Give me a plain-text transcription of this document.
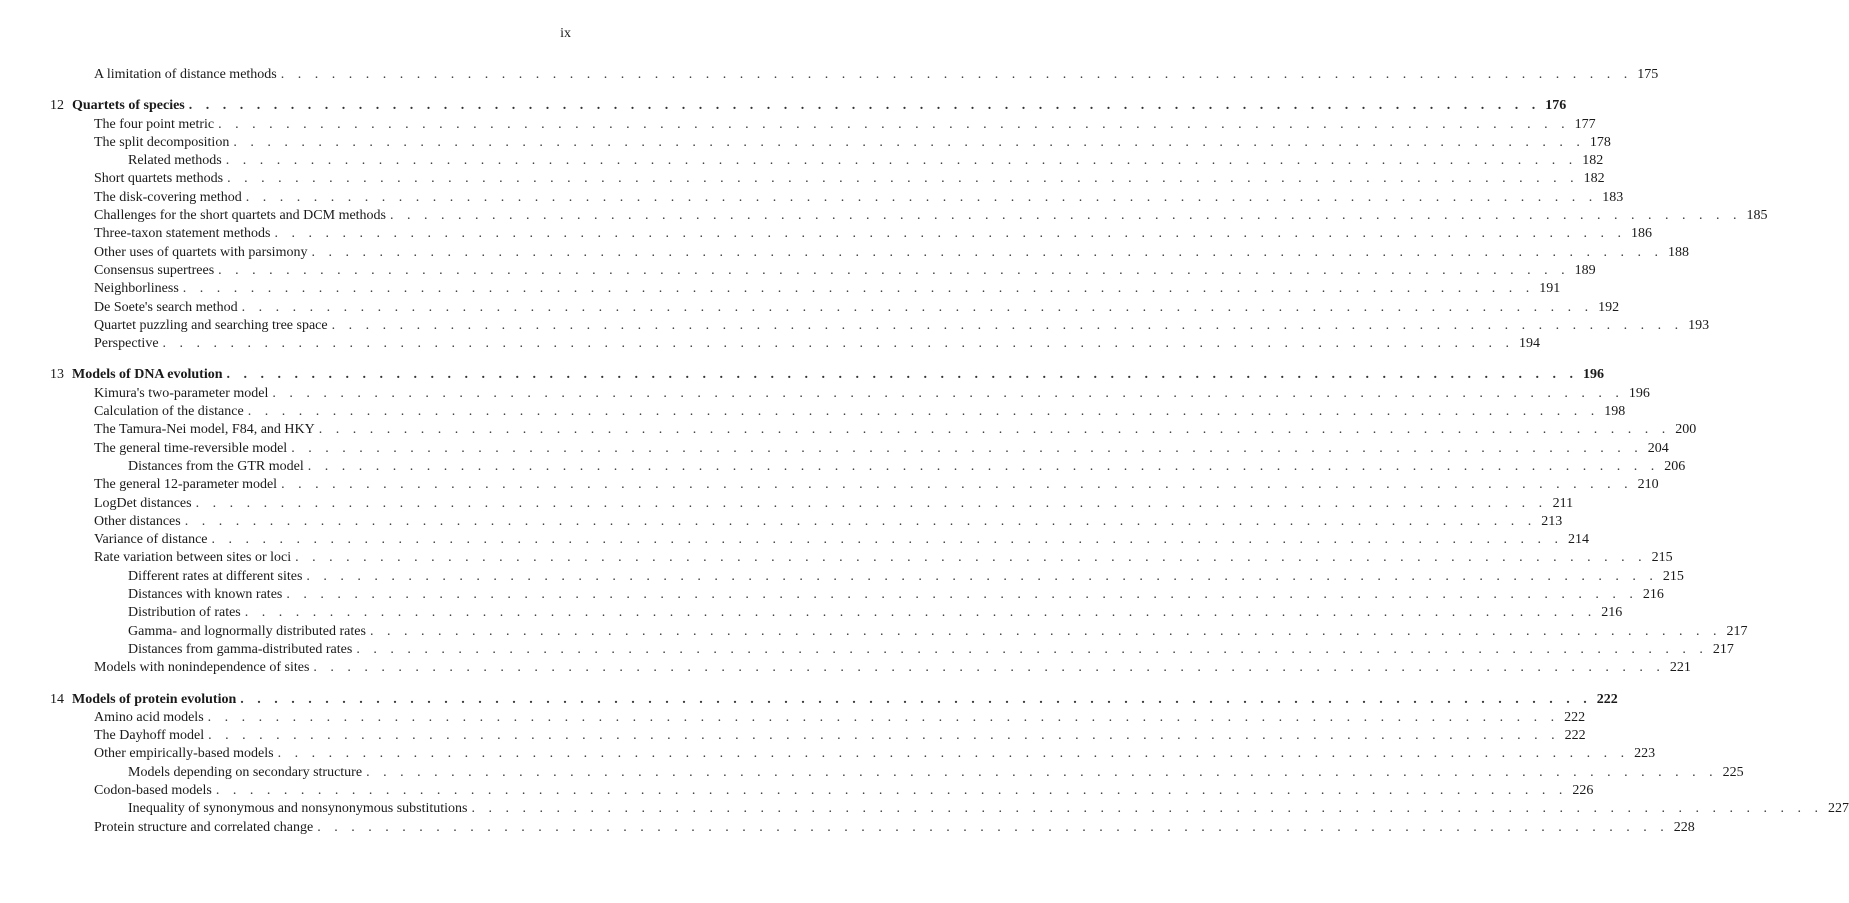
ix
A limitation of distance methods . . . . . . . . . . . . . . . . . . . . . . . . . . . . . . . . . . . . . . . . . . . . . . . . . . . . . . . . . . . . . . . . . . . . . . . . . . . . . . . . 175
12 Quartets of species . . . . . . . . . . . . . . . . . . . . . . . . . . . . . . . . . . . . . . . . . . . . . . . . . . . . . . . . . . . . . . . . . . . . . . . . . . . . . . . . 176
The four point metric . . . . . . . . . . . . . . . . . . . . . . . . . . . . . . . . . . . . . . . . . . . . . . . . . . . . . . . . . . . . . . . . . . . . . . . . . . . . . . . . 177
The split decomposition . . . . . . . . . . . . . . . . . . . . . . . . . . . . . . . . . . . . . . . . . . . . . . . . . . . . . . . . . . . . . . . . . . . . . . . . . . . . . . . . 178
Related methods . . . . . . . . . . . . . . . . . . . . . . . . . . . . . . . . . . . . . . . . . . . . . . . . . . . . . . . . . . . . . . . . . . . . . . . . . . . . . . . . 182
Short quartets methods . . . . . . . . . . . . . . . . . . . . . . . . . . . . . . . . . . . . . . . . . . . . . . . . . . . . . . . . . . . . . . . . . . . . . . . . . . . . . . . . 182
The disk-covering method . . . . . . . . . . . . . . . . . . . . . . . . . . . . . . . . . . . . . . . . . . . . . . . . . . . . . . . . . . . . . . . . . . . . . . . . . . . . . . . . 183
Challenges for the short quartets and DCM methods . . . . . . . . . . . . . . . . . . . . . . . . . . . . . . . . . . . . . . . . . . . . . . . . . . . . . . . . . . . . . . . . . . . . . . . . . . . . . . . . 185
Three-taxon statement methods . . . . . . . . . . . . . . . . . . . . . . . . . . . . . . . . . . . . . . . . . . . . . . . . . . . . . . . . . . . . . . . . . . . . . . . . . . . . . . . . 186
Other uses of quartets with parsimony . . . . . . . . . . . . . . . . . . . . . . . . . . . . . . . . . . . . . . . . . . . . . . . . . . . . . . . . . . . . . . . . . . . . . . . . . . . . . . . . 188
Consensus supertrees . . . . . . . . . . . . . . . . . . . . . . . . . . . . . . . . . . . . . . . . . . . . . . . . . . . . . . . . . . . . . . . . . . . . . . . . . . . . . . . . 189
Neighborliness . . . . . . . . . . . . . . . . . . . . . . . . . . . . . . . . . . . . . . . . . . . . . . . . . . . . . . . . . . . . . . . . . . . . . . . . . . . . . . . . 191
De Soete's search method . . . . . . . . . . . . . . . . . . . . . . . . . . . . . . . . . . . . . . . . . . . . . . . . . . . . . . . . . . . . . . . . . . . . . . . . . . . . . . . . 192
Quartet puzzling and searching tree space . . . . . . . . . . . . . . . . . . . . . . . . . . . . . . . . . . . . . . . . . . . . . . . . . . . . . . . . . . . . . . . . . . . . . . . . . . . . . . . . 193
Perspective . . . . . . . . . . . . . . . . . . . . . . . . . . . . . . . . . . . . . . . . . . . . . . . . . . . . . . . . . . . . . . . . . . . . . . . . . . . . . . . . 194
13 Models of DNA evolution . . . . . . . . . . . . . . . . . . . . . . . . . . . . . . . . . . . . . . . . . . . . . . . . . . . . . . . . . . . . . . . . . . . . . . . . . . . . . . . . 196
Kimura's two-parameter model . . . . . . . . . . . . . . . . . . . . . . . . . . . . . . . . . . . . . . . . . . . . . . . . . . . . . . . . . . . . . . . . . . . . . . . . . . . . . . . . 196
Calculation of the distance . . . . . . . . . . . . . . . . . . . . . . . . . . . . . . . . . . . . . . . . . . . . . . . . . . . . . . . . . . . . . . . . . . . . . . . . . . . . . . . . 198
The Tamura-Nei model, F84, and HKY . . . . . . . . . . . . . . . . . . . . . . . . . . . . . . . . . . . . . . . . . . . . . . . . . . . . . . . . . . . . . . . . . . . . . . . . . . . . . . . . 200
The general time-reversible model . . . . . . . . . . . . . . . . . . . . . . . . . . . . . . . . . . . . . . . . . . . . . . . . . . . . . . . . . . . . . . . . . . . . . . . . . . . . . . . . 204
Distances from the GTR model . . . . . . . . . . . . . . . . . . . . . . . . . . . . . . . . . . . . . . . . . . . . . . . . . . . . . . . . . . . . . . . . . . . . . . . . . . . . . . . . 206
The general 12-parameter model . . . . . . . . . . . . . . . . . . . . . . . . . . . . . . . . . . . . . . . . . . . . . . . . . . . . . . . . . . . . . . . . . . . . . . . . . . . . . . . . 210
LogDet distances . . . . . . . . . . . . . . . . . . . . . . . . . . . . . . . . . . . . . . . . . . . . . . . . . . . . . . . . . . . . . . . . . . . . . . . . . . . . . . . . 211
Other distances . . . . . . . . . . . . . . . . . . . . . . . . . . . . . . . . . . . . . . . . . . . . . . . . . . . . . . . . . . . . . . . . . . . . . . . . . . . . . . . . 213
Variance of distance . . . . . . . . . . . . . . . . . . . . . . . . . . . . . . . . . . . . . . . . . . . . . . . . . . . . . . . . . . . . . . . . . . . . . . . . . . . . . . . . 214
Rate variation between sites or loci . . . . . . . . . . . . . . . . . . . . . . . . . . . . . . . . . . . . . . . . . . . . . . . . . . . . . . . . . . . . . . . . . . . . . . . . . . . . . . . . 215
Different rates at different sites . . . . . . . . . . . . . . . . . . . . . . . . . . . . . . . . . . . . . . . . . . . . . . . . . . . . . . . . . . . . . . . . . . . . . . . . . . . . . . . . 215
Distances with known rates . . . . . . . . . . . . . . . . . . . . . . . . . . . . . . . . . . . . . . . . . . . . . . . . . . . . . . . . . . . . . . . . . . . . . . . . . . . . . . . . 216
Distribution of rates . . . . . . . . . . . . . . . . . . . . . . . . . . . . . . . . . . . . . . . . . . . . . . . . . . . . . . . . . . . . . . . . . . . . . . . . . . . . . . . . 216
Gamma- and lognormally distributed rates . . . . . . . . . . . . . . . . . . . . . . . . . . . . . . . . . . . . . . . . . . . . . . . . . . . . . . . . . . . . . . . . . . . . . . . . . . . . . . . . 217
Distances from gamma-distributed rates . . . . . . . . . . . . . . . . . . . . . . . . . . . . . . . . . . . . . . . . . . . . . . . . . . . . . . . . . . . . . . . . . . . . . . . . . . . . . . . . 217
Models with nonindependence of sites . . . . . . . . . . . . . . . . . . . . . . . . . . . . . . . . . . . . . . . . . . . . . . . . . . . . . . . . . . . . . . . . . . . . . . . . . . . . . . . . 221
14 Models of protein evolution . . . . . . . . . . . . . . . . . . . . . . . . . . . . . . . . . . . . . . . . . . . . . . . . . . . . . . . . . . . . . . . . . . . . . . . . . . . . . . . . 222
Amino acid models . . . . . . . . . . . . . . . . . . . . . . . . . . . . . . . . . . . . . . . . . . . . . . . . . . . . . . . . . . . . . . . . . . . . . . . . . . . . . . . . 222
The Dayhoff model . . . . . . . . . . . . . . . . . . . . . . . . . . . . . . . . . . . . . . . . . . . . . . . . . . . . . . . . . . . . . . . . . . . . . . . . . . . . . . . . 222
Other empirically-based models . . . . . . . . . . . . . . . . . . . . . . . . . . . . . . . . . . . . . . . . . . . . . . . . . . . . . . . . . . . . . . . . . . . . . . . . . . . . . . . . 223
Models depending on secondary structure . . . . . . . . . . . . . . . . . . . . . . . . . . . . . . . . . . . . . . . . . . . . . . . . . . . . . . . . . . . . . . . . . . . . . . . . . . . . . . . . 225
Codon-based models . . . . . . . . . . . . . . . . . . . . . . . . . . . . . . . . . . . . . . . . . . . . . . . . . . . . . . . . . . . . . . . . . . . . . . . . . . . . . . . . 226
Inequality of synonymous and nonsynonymous substitutions . . . . . . . . . . . . . . . . . . . . . . . . . . . . . . . . . . . . . . . . . . . . . . . . . . . . . . . . . . . . . . . . . . . . . . . . . . . . . . . . 227
Protein structure and correlated change . . . . . . . . . . . . . . . . . . . . . . . . . . . . . . . . . . . . . . . . . . . . . . . . . . . . . . . . . . . . . . . . . . . . . . . . . . . . . . . . 228
